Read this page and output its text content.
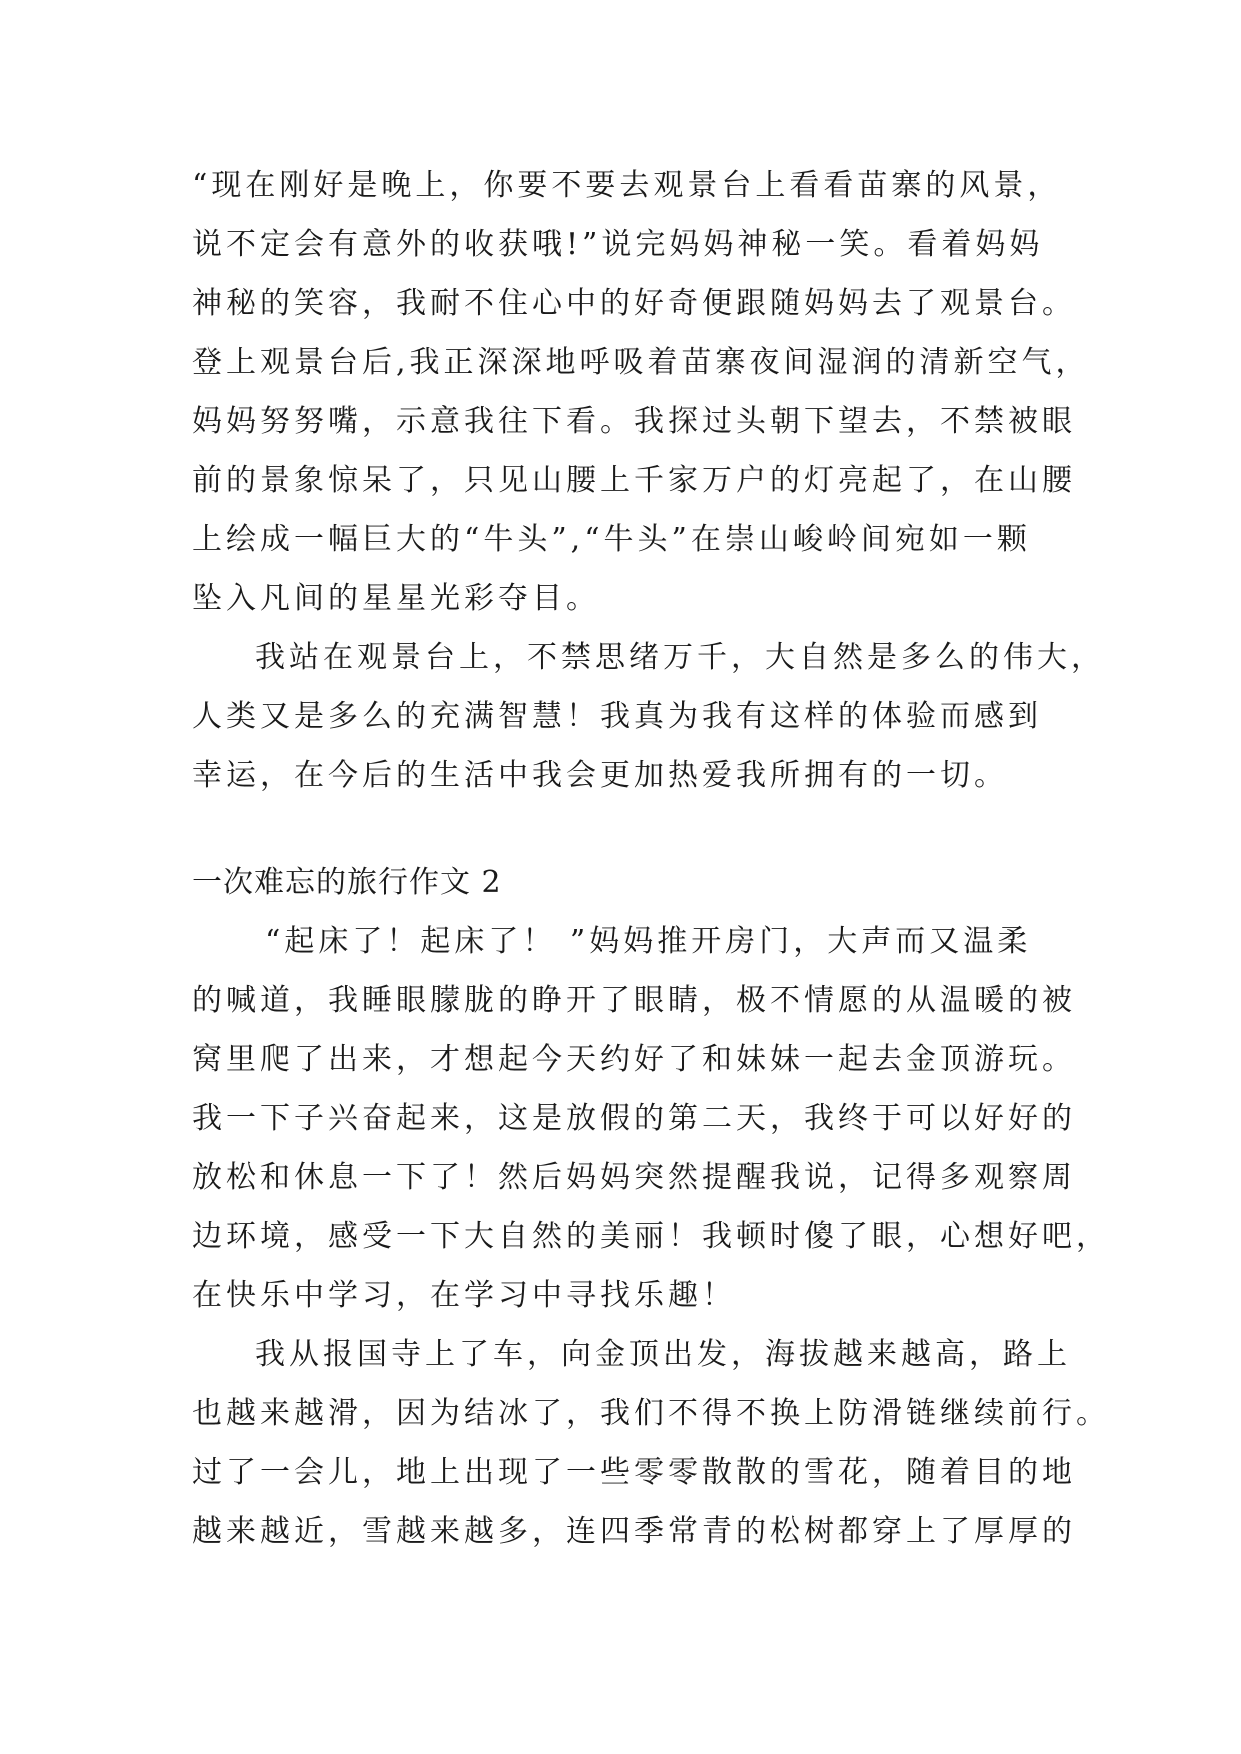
“现在刚好是晚上，你要不要去观景台上看看苗寨的风景，

说不定会有意外的收获哦!”说完妈妈神秘一笑。看着妈妈

神秘的笑容，我耐不住心中的好奇便跟随妈妈去了观景台。

登上观景台后,我正深深地呼吸着苗寨夜间湿润的清新空气，

妈妈努努嘴，示意我往下看。我探过头朝下望去，不禁被眼

前的景象惊呆了，只见山腰上千家万户的灯亮起了，在山腰

上绘成一幅巨大的“牛头”,“牛头”在崇山峻岭间宛如一颗

坠入凡间的星星光彩夺目。

我站在观景台上，不禁思绪万千，大自然是多么的伟大，

人类又是多么的充满智慧！我真为我有这样的体验而感到

幸运，在今后的生活中我会更加热爱我所拥有的一切。

一次难忘的旅行作文 2

“起床了！起床了！ ”妈妈推开房门，大声而又温柔

的喊道，我睡眼朦胧的睁开了眼睛，极不情愿的从温暖的被

窝里爬了出来，才想起今天约好了和妹妹一起去金顶游玩。

我一下子兴奋起来，这是放假的第二天，我终于可以好好的

放松和休息一下了！然后妈妈突然提醒我说，记得多观察周

边环境，感受一下大自然的美丽！我顿时傻了眼，心想好吧，

在快乐中学习，在学习中寻找乐趣！

我从报国寺上了车，向金顶出发，海拔越来越高，路上

也越来越滑，因为结冰了，我们不得不换上防滑链继续前行。

过了一会儿，地上出现了一些零零散散的雪花，随着目的地

越来越近，雪越来越多，连四季常青的松树都穿上了厚厚的
